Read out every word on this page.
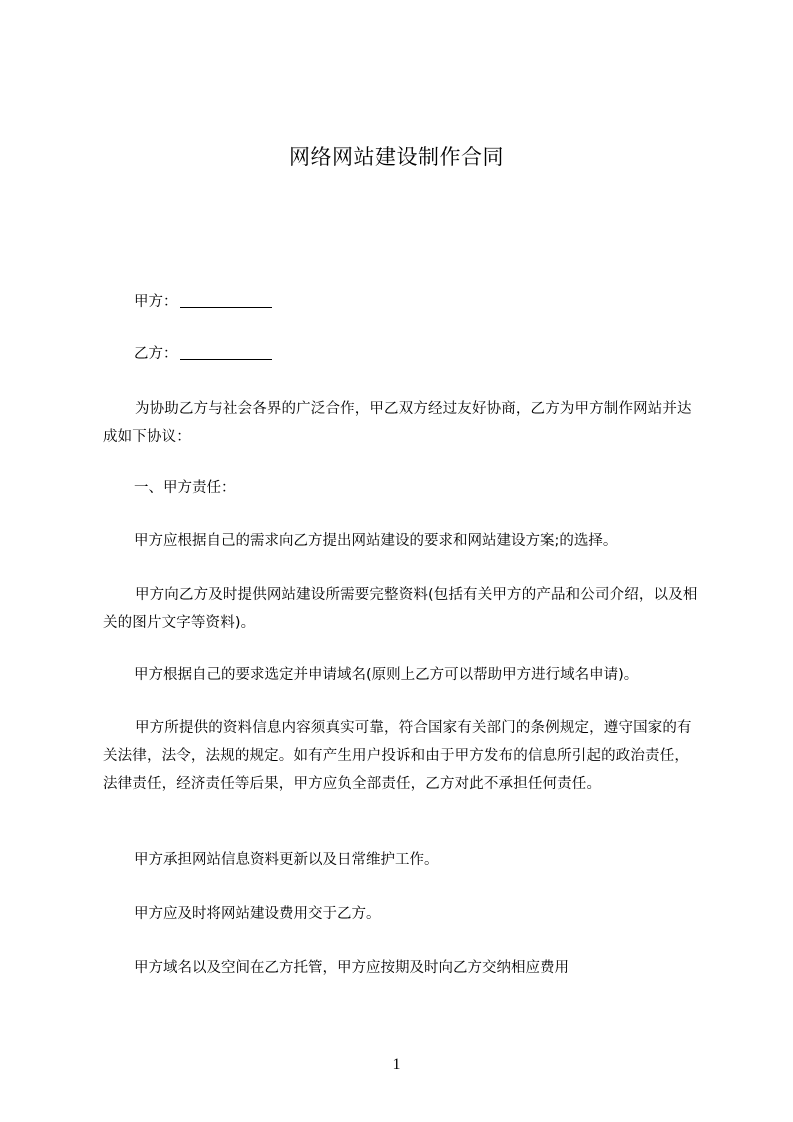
网络网站建设制作合同
甲方：
乙方：
为协助乙方与社会各界的广泛合作，甲乙双方经过友好协商，乙方为甲方制作网站并达成如下协议：
一、甲方责任：
甲方应根据自己的需求向乙方提出网站建设的要求和网站建设方案;的选择。
甲方向乙方及时提供网站建设所需要完整资料(包括有关甲方的产品和公司介绍，以及相关的图片文字等资料)。
甲方根据自己的要求选定并申请域名(原则上乙方可以帮助甲方进行域名申请)。
甲方所提供的资料信息内容须真实可靠，符合国家有关部门的条例规定，遵守国家的有关法律，法令，法规的规定。如有产生用户投诉和由于甲方发布的信息所引起的政治责任，法律责任，经济责任等后果，甲方应负全部责任，乙方对此不承担任何责任。
甲方承担网站信息资料更新以及日常维护工作。
甲方应及时将网站建设费用交于乙方。
甲方域名以及空间在乙方托管，甲方应按期及时向乙方交纳相应费用
1
